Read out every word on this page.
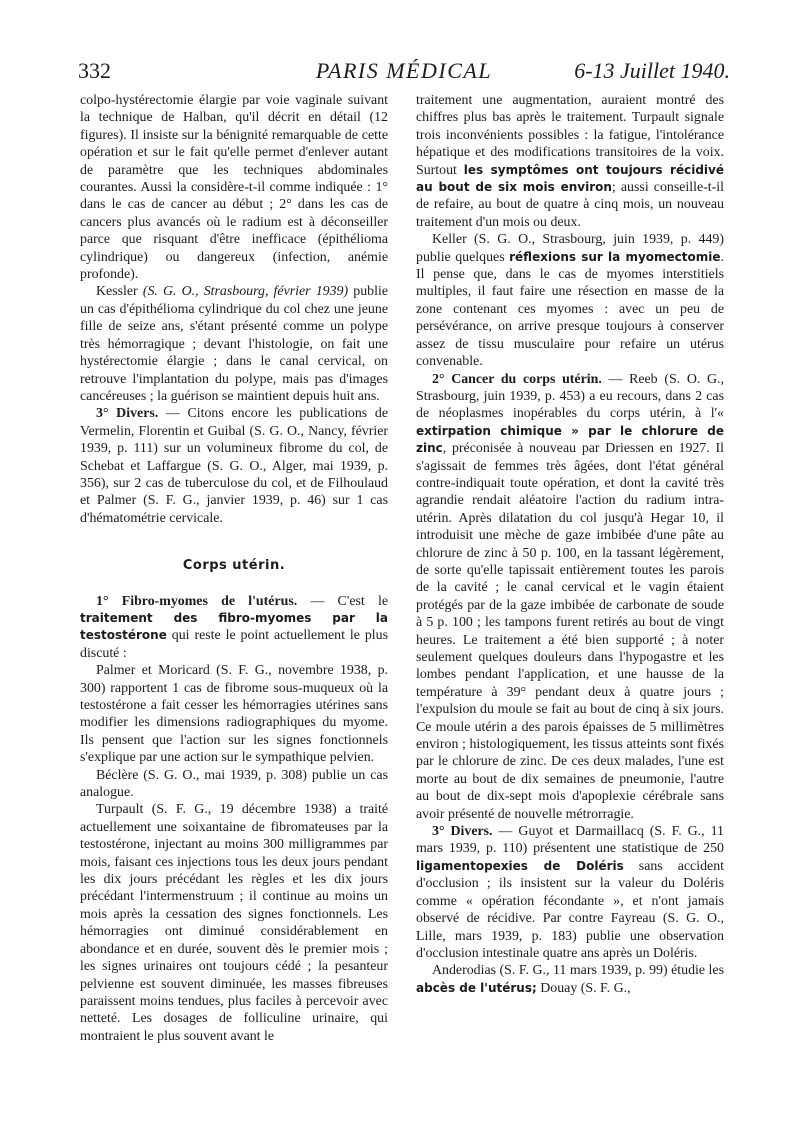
332	PARIS MÉDICAL	6-13 Juillet 1940.

colpo-hystérectomie élargie par voie vaginale suivant la technique de Halban, qu'il décrit en détail (12 figures). Il insiste sur la bénignité remarquable de cette opération et sur le fait qu'elle permet d'enlever autant de paramètre que les techniques abdominales courantes. Aussi la considère-t-il comme indiquée : 1° dans le cas de cancer au début ; 2° dans les cas de cancers plus avancés où le radium est à déconseiller parce que risquant d'être inefficace (épithélioma cylindrique) ou dangereux (infection, anémie profonde).

Kessler (S. G. O., Strasbourg, février 1939) publie un cas d'épithélioma cylindrique du col chez une jeune fille de seize ans, s'étant présenté comme un polype très hémorragique ; devant l'histologie, on fait une hystérectomie élargie ; dans le canal cervical, on retrouve l'implantation du polype, mais pas d'images cancéreuses ; la guérison se maintient depuis huit ans.

3° Divers. — Citons encore les publications de Vermelin, Florentin et Guibal (S. G. O., Nancy, février 1939, p. 111) sur un volumineux fibrome du col, de Schebat et Laffargue (S. G. O., Alger, mai 1939, p. 356), sur 2 cas de tuberculose du col, et de Filhoulaud et Palmer (S. F. G., janvier 1939, p. 46) sur 1 cas d'hématométrie cervicale.

Corps utérin.

1° Fibro-myomes de l'utérus. — C'est le traitement des fibro-myomes par la testostérone qui reste le point actuellement le plus discuté :

Palmer et Moricard (S. F. G., novembre 1938, p. 300) rapportent 1 cas de fibrome sous-muqueux où la testostérone a fait cesser les hémorragies utérines sans modifier les dimensions radiographiques du myome. Ils pensent que l'action sur les signes fonctionnels s'explique par une action sur le sympathique pelvien.

Béclère (S. G. O., mai 1939, p. 308) publie un cas analogue.

Turpault (S. F. G., 19 décembre 1938) a traité actuellement une soixantaine de fibromateuses par la testostérone, injectant au moins 300 milligrammes par mois, faisant ces injections tous les deux jours pendant les dix jours précédant les règles et les dix jours précédant l'intermenstruum ; il continue au moins un mois après la cessation des signes fonctionnels. Les hémorragies ont diminué considérablement en abondance et en durée, souvent dès le premier mois ; les signes urinaires ont toujours cédé ; la pesanteur pelvienne est souvent diminuée, les masses fibreuses paraissent moins tendues, plus faciles à percevoir avec netteté. Les dosages de folliculine urinaire, qui montraient le plus souvent avant le

traitement une augmentation, auraient montré des chiffres plus bas après le traitement. Turpault signale trois inconvénients possibles : la fatigue, l'intolérance hépatique et des modifications transitoires de la voix. Surtout les symptômes ont toujours récidivé au bout de six mois environ; aussi conseille-t-il de refaire, au bout de quatre à cinq mois, un nouveau traitement d'un mois ou deux.

Keller (S. G. O., Strasbourg, juin 1939, p. 449) publie quelques réflexions sur la myomectomie. Il pense que, dans le cas de myomes interstitiels multiples, il faut faire une résection en masse de la zone contenant ces myomes : avec un peu de persévérance, on arrive presque toujours à conserver assez de tissu musculaire pour refaire un utérus convenable.

2° Cancer du corps utérin. — Reeb (S. O. G., Strasbourg, juin 1939, p. 453) a eu recours, dans 2 cas de néoplasmes inopérables du corps utérin, à l'« extirpation chimique » par le chlorure de zinc, préconisée à nouveau par Driessen en 1927. Il s'agissait de femmes très âgées, dont l'état général contre-indiquait toute opération, et dont la cavité très agrandie rendait aléatoire l'action du radium intra-utérin. Après dilatation du col jusqu'à Hegar 10, il introduisit une mèche de gaze imbibée d'une pâte au chlorure de zinc à 50 p. 100, en la tassant légèrement, de sorte qu'elle tapissait entièrement toutes les parois de la cavité ; le canal cervical et le vagin étaient protégés par de la gaze imbibée de carbonate de soude à 5 p. 100 ; les tampons furent retirés au bout de vingt heures. Le traitement a été bien supporté ; à noter seulement quelques douleurs dans l'hypogastre et les lombes pendant l'application, et une hausse de la température à 39° pendant deux à quatre jours ; l'expulsion du moule se fait au bout de cinq à six jours. Ce moule utérin a des parois épaisses de 5 millimètres environ ; histologiquement, les tissus atteints sont fixés par le chlorure de zinc. De ces deux malades, l'une est morte au bout de dix semaines de pneumonie, l'autre au bout de dix-sept mois d'apoplexie cérébrale sans avoir présenté de nouvelle métrorragie.

3° Divers. — Guyot et Darmaillacq (S. F. G., 11 mars 1939, p. 110) présentent une statistique de 250 ligamentopexies de Doléris sans accident d'occlusion ; ils insistent sur la valeur du Doléris comme « opération fécondante », et n'ont jamais observé de récidive. Par contre Fayreau (S. G. O., Lille, mars 1939, p. 183) publie une observation d'occlusion intestinale quatre ans après un Doléris.

Anderodias (S. F. G., 11 mars 1939, p. 99) étudie les abcès de l'utérus; Douay (S. F. G.,
